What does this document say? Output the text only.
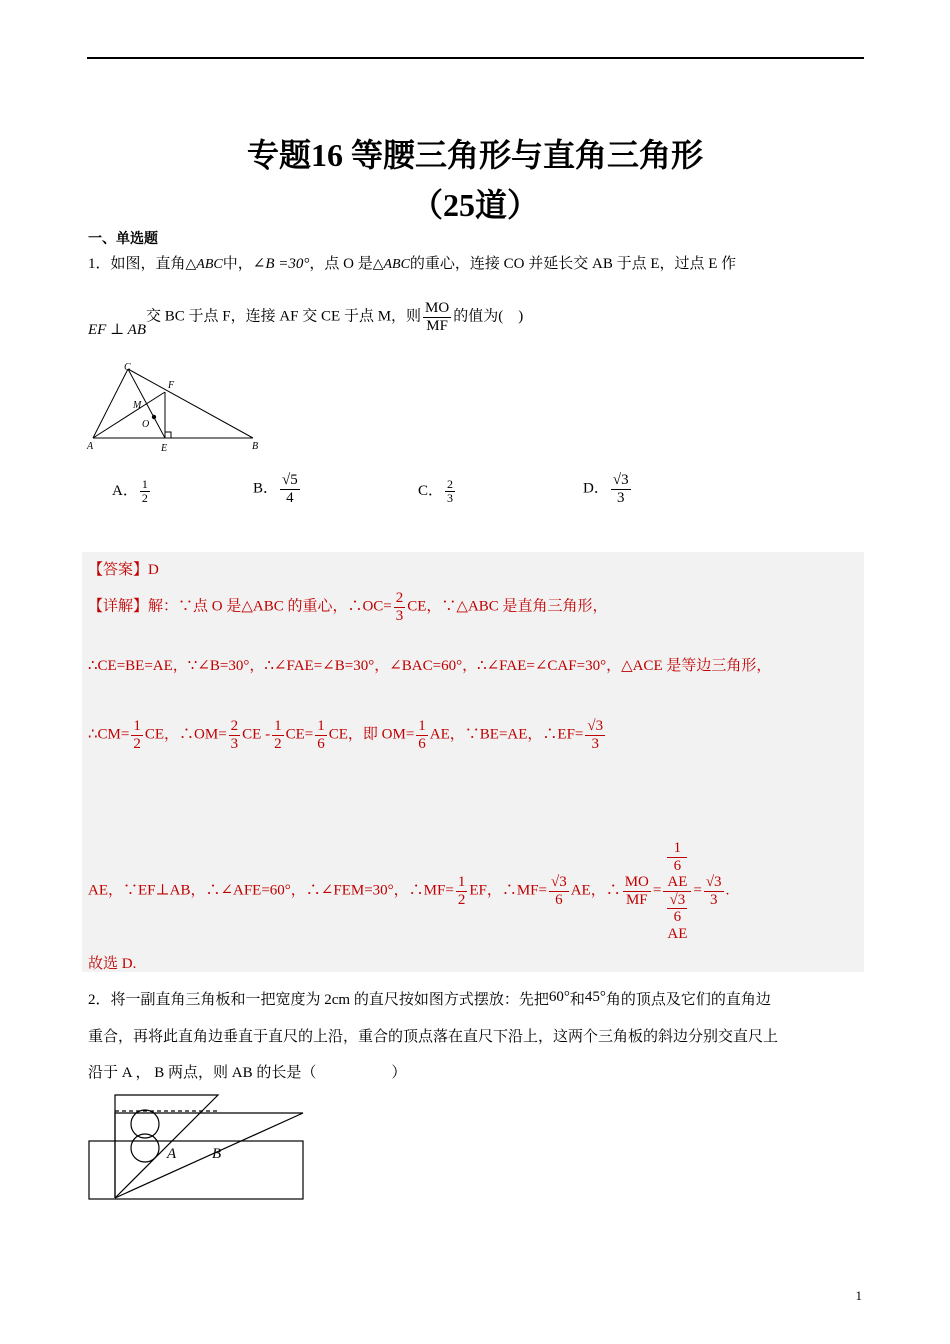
专题16 等腰三角形与直角三角形
（25道）
一、单选题
1．如图，直角△ABC中，∠B =30°，点 O 是△ABC的重心，连接 CO 并延长交 AB 于点 E，过点 E 作
EF ⊥ AB交 BC 于点 F，连接 AF 交 CE 于点 M，则 $\frac{MO}{MF}$ 的值为(　)
C
F
M
O
A	E	B
A． $\frac{1}{2}$	B． $\frac{√5}{4}$	C． $\frac{2}{3}$	D． $\frac{√3}{3}$
【答案】D
【详解】解：∵点 O 是△ABC 的重心，∴OC= $\frac{2}{3}$ CE，∵△ABC 是直角三角形，
∴CE=BE=AE，∵∠B=30°，∴∠FAE=∠B=30°，∠BAC=60°，∴∠FAE=∠CAF=30°，△ACE 是等边三角形，
∴CM= $\frac{1}{2}$ CE，∴OM= $\frac{2}{3}$ CE - $\frac{1}{2} CE= \frac{1}{6}$ CE，即 $OM= \frac{1}{6}$ AE，∵BE=AE，∴EF= $\frac{√3}{3}$
AE，∵EF⊥AB，∴∠AFE=60°，∴∠FEM=30°，∴MF= $\frac{1}{2}$ EF，∴MF= $\frac{√3}{6}$ AE，∴ $\frac{MO}{MF} = 1$
6
AE
√3
6
AE = $\frac{√3}{3}$ .
故选 D.
2．将一副直角三角板和一把宽度为 2cm 的直尺按如图方式摆放：先把60°和45°角的顶点及它们的直角边
重合，再将此直角边垂直于直尺的上沿，重合的顶点落在直尺下沿上，这两个三角板的斜边分别交直尺上
沿于 A ， B 两点，则 AB 的长是（　　　　　）
A B
1
